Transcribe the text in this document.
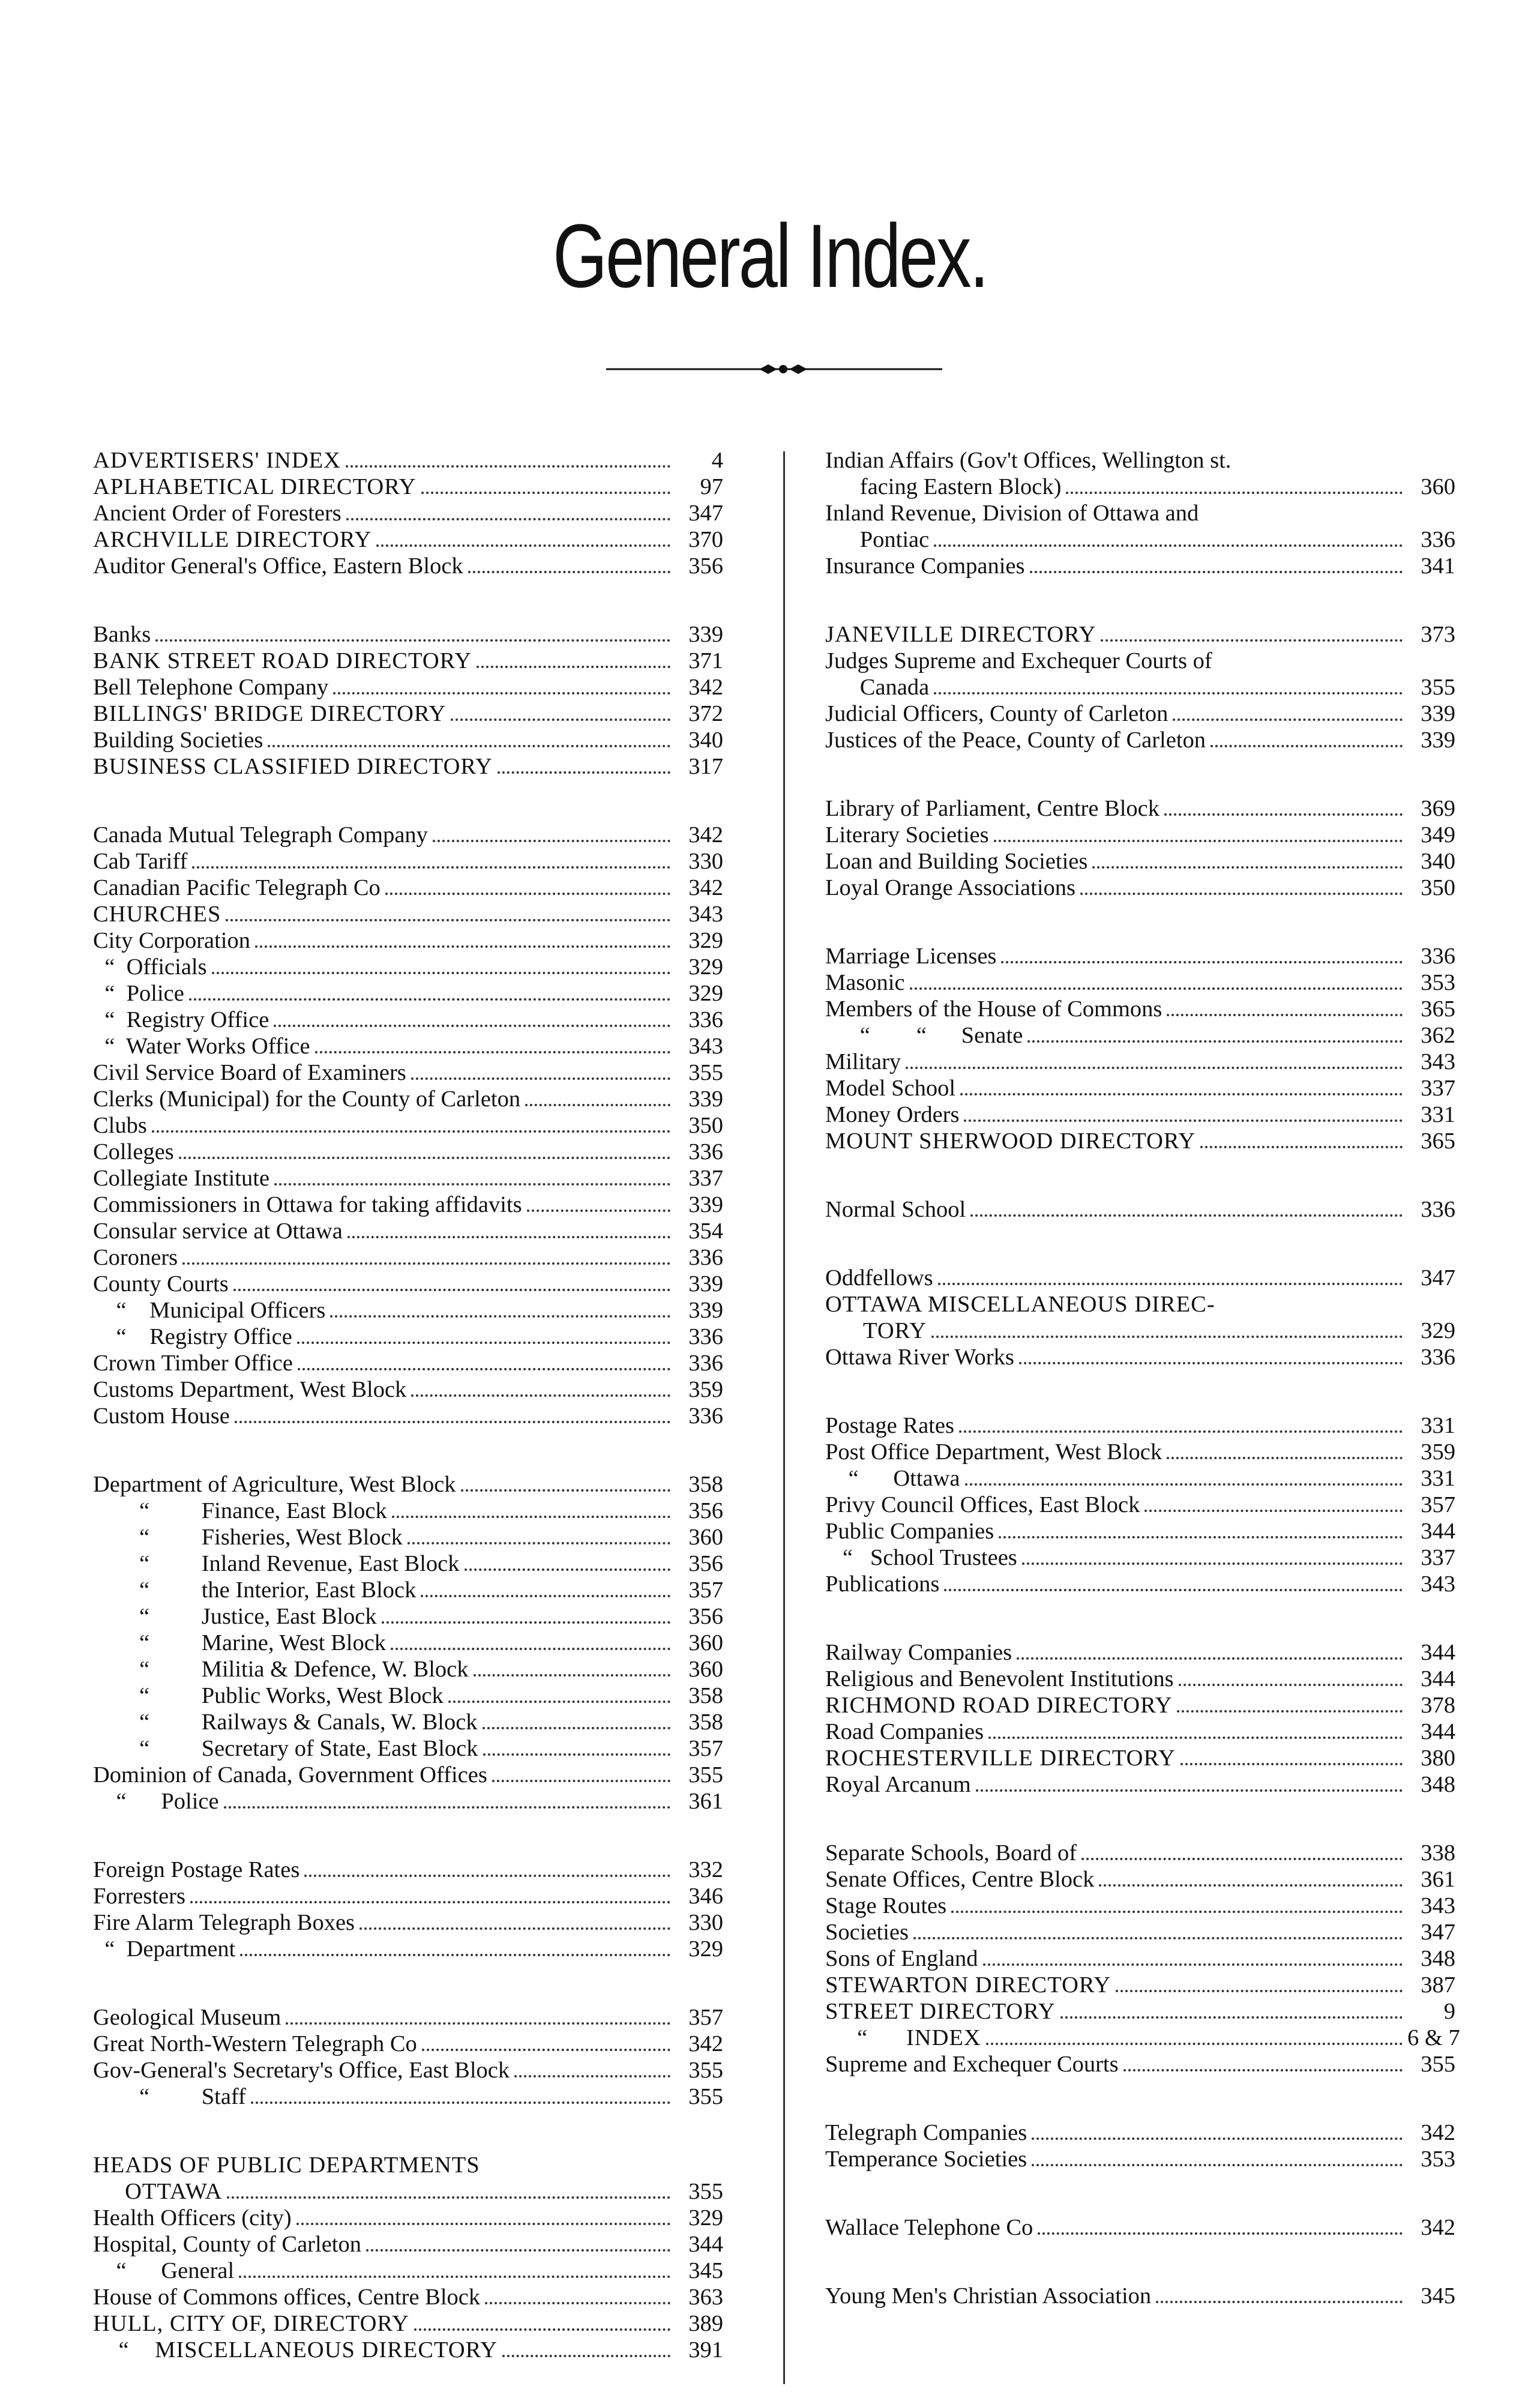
General Index.
ADVERTISERS' INDEX	4
APLHABETICAL DIRECTORY	97
Ancient Order of Foresters	347
ARCHVILLE DIRECTORY	370
Auditor General's Office, Eastern Block	356
Banks	339
BANK STREET ROAD DIRECTORY	371
Bell Telephone Company	342
BILLINGS' BRIDGE DIRECTORY	372
Building Societies	340
BUSINESS CLASSIFIED DIRECTORY	317
Canada Mutual Telegraph Company	342
Cab Tariff	330
Canadian Pacific Telegraph Co	342
CHURCHES	343
City Corporation	329
“  Officials	329
“  Police	329
“  Registry Office	336
“  Water Works Office	343
Civil Service Board of Examiners	355
Clerks (Municipal) for the County of Carleton	339
Clubs	350
Colleges	336
Collegiate Institute	337
Commissioners in Ottawa for taking affidavits	339
Consular service at Ottawa	354
Coroners	336
County Courts	339
“    Municipal Officers	339
“    Registry Office	336
Crown Timber Office	336
Customs Department, West Block	359
Custom House	336
Department of Agriculture, West Block	358
“         Finance, East Block	356
“         Fisheries, West Block	360
“         Inland Revenue, East Block	356
“         the Interior, East Block	357
“         Justice, East Block	356
“         Marine, West Block	360
“         Militia & Defence, W. Block	360
“         Public Works, West Block	358
“         Railways & Canals, W. Block	358
“         Secretary of State, East Block	357
Dominion of Canada, Government Offices	355
“      Police	361
Foreign Postage Rates	332
Forresters	346
Fire Alarm Telegraph Boxes	330
“  Department	329
Geological Museum	357
Great North-Western Telegraph Co	342
Gov-General's Secretary's Office, East Block	355
“         Staff	355
HEADS OF PUBLIC DEPARTMENTS
OTTAWA	355
Health Officers (city)	329
Hospital, County of Carleton	344
“      General	345
House of Commons offices, Centre Block	363
HULL, CITY OF, DIRECTORY	389
“    MISCELLANEOUS DIRECTORY	391
Indian Affairs (Gov't Offices, Wellington st.
facing Eastern Block)	360
Inland Revenue, Division of Ottawa and
Pontiac	336
Insurance Companies	341
JANEVILLE DIRECTORY	373
Judges Supreme and Exchequer Courts of
Canada	355
Judicial Officers, County of Carleton	339
Justices of the Peace, County of Carleton	339
Library of Parliament, Centre Block	369
Literary Societies	349
Loan and Building Societies	340
Loyal Orange Associations	350
Marriage Licenses	336
Masonic	353
Members of the House of Commons	365
“        “      Senate	362
Military	343
Model School	337
Money Orders	331
MOUNT SHERWOOD DIRECTORY	365
Normal School	336
Oddfellows	347
OTTAWA MISCELLANEOUS DIREC-
TORY	329
Ottawa River Works	336
Postage Rates	331
Post Office Department, West Block	359
“      Ottawa	331
Privy Council Offices, East Block	357
Public Companies	344
“   School Trustees	337
Publications	343
Railway Companies	344
Religious and Benevolent Institutions	344
RICHMOND ROAD DIRECTORY	378
Road Companies	344
ROCHESTERVILLE DIRECTORY	380
Royal Arcanum	348
Separate Schools, Board of	338
Senate Offices, Centre Block	361
Stage Routes	343
Societies	347
Sons of England	348
STEWARTON DIRECTORY	387
STREET DIRECTORY	9
“      INDEX	6 & 7
Supreme and Exchequer Courts	355
Telegraph Companies	342
Temperance Societies	353
Wallace Telephone Co	342
Young Men's Christian Association	345
